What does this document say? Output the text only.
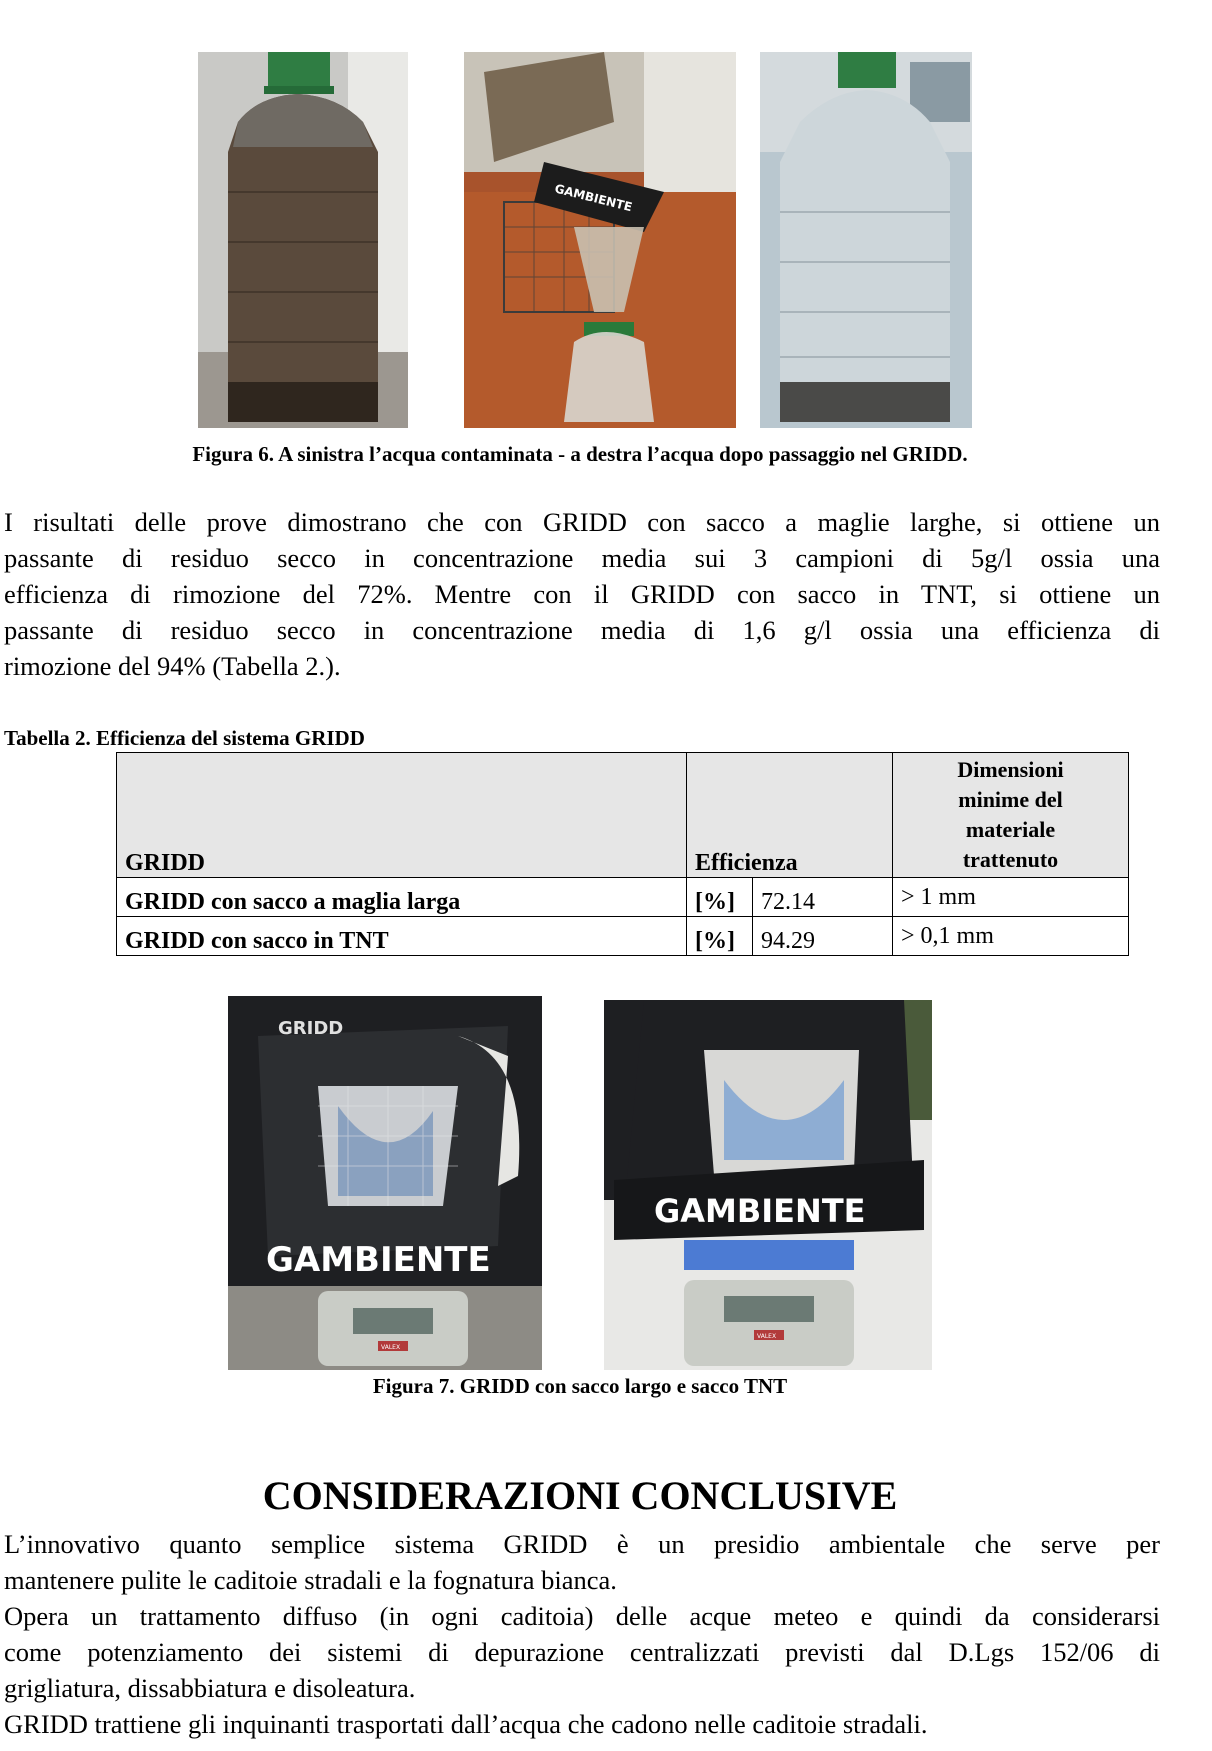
GAMBIENTE
Figura 6. A sinistra l’acqua contaminata - a destra l’acqua dopo passaggio nel GRIDD.
I risultati delle prove dimostrano che con GRIDD con sacco a maglie larghe, si ottiene un
passante di residuo secco in concentrazione media sui 3 campioni di 5g/l ossia una
efficienza di rimozione del 72%. Mentre con il GRIDD con sacco in TNT, si ottiene un
passante di residuo secco in concentrazione media di 1,6 g/l ossia una efficienza di
rimozione del 94% (Tabella 2.).
Tabella 2. Efficienza del sistema GRIDD
GRIDD	Efficienza		Dimensioni
minime del
materiale
trattenuto

GRIDD con sacco a maglia larga	[%]	72.14	> 1 mm
GRIDD con sacco in TNT	[%]	94.29	> 0,1 mm
GRIDD
GAMBIENTE
VALEX
GAMBIENTE
VALEX
Figura 7. GRIDD con sacco largo e sacco TNT
CONSIDERAZIONI CONCLUSIVE
L’innovativo quanto semplice sistema GRIDD è un presidio ambientale che serve per
mantenere pulite le caditoie stradali e la fognatura bianca.
Opera un trattamento diffuso (in ogni caditoia) delle acque meteo e quindi da considerarsi
come potenziamento dei sistemi di depurazione centralizzati previsti dal D.Lgs 152/06 di
grigliatura, dissabbiatura e disoleatura.
GRIDD trattiene gli inquinanti trasportati dall’acqua che cadono nelle caditoie stradali.
